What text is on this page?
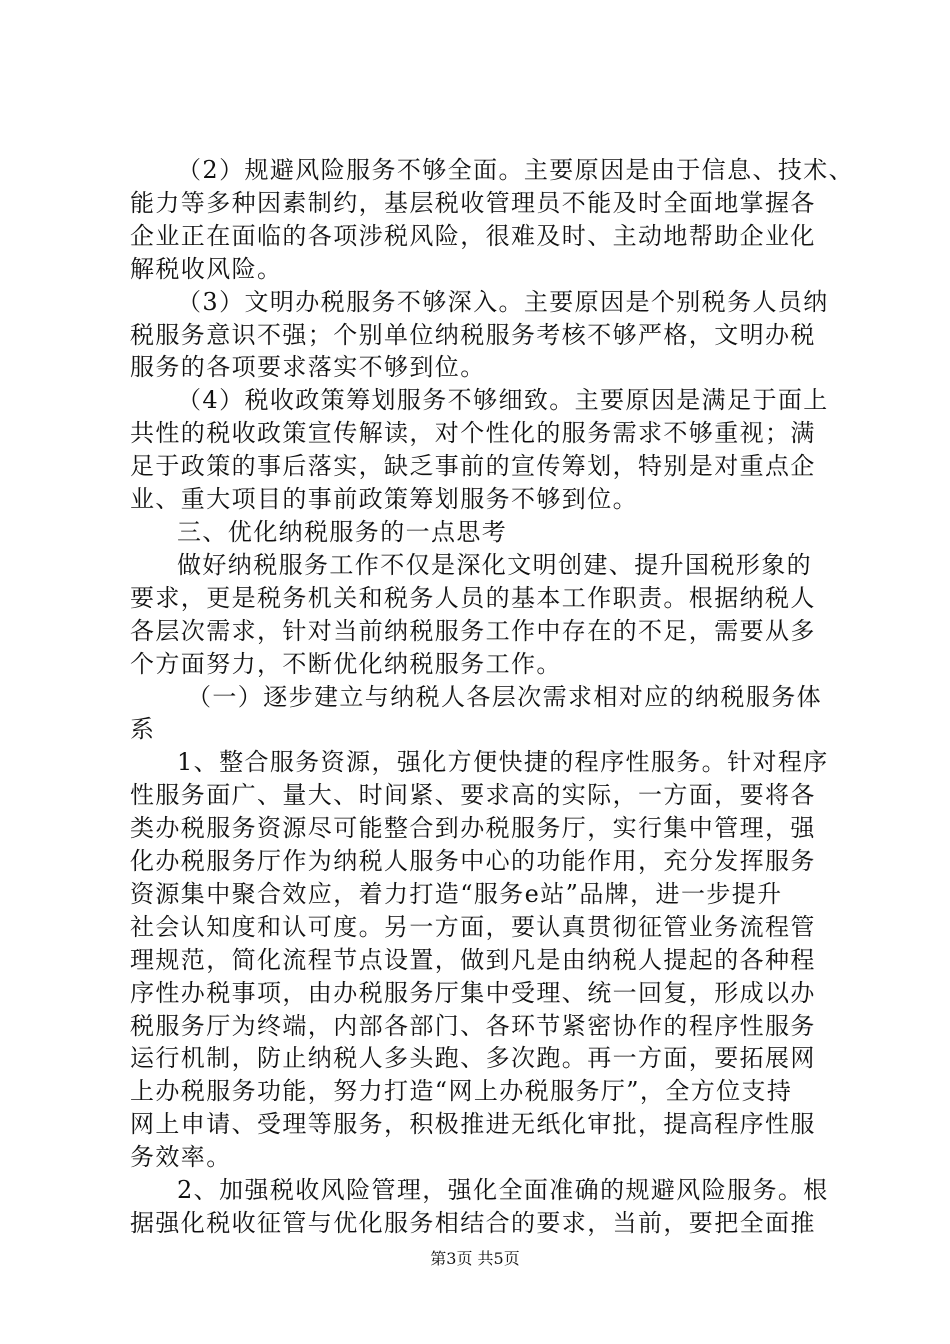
（2）规避风险服务不够全面。主要原因是由于信息、技术、
能力等多种因素制约，基层税收管理员不能及时全面地掌握各
企业正在面临的各项涉税风险，很难及时、主动地帮助企业化
解税收风险。
（3）文明办税服务不够深入。主要原因是个别税务人员纳
税服务意识不强；个别单位纳税服务考核不够严格，文明办税
服务的各项要求落实不够到位。
（4）税收政策筹划服务不够细致。主要原因是满足于面上
共性的税收政策宣传解读，对个性化的服务需求不够重视；满
足于政策的事后落实，缺乏事前的宣传筹划，特别是对重点企
业、重大项目的事前政策筹划服务不够到位。
三、优化纳税服务的一点思考
做好纳税服务工作不仅是深化文明创建、提升国税形象的
要求，更是税务机关和税务人员的基本工作职责。根据纳税人
各层次需求，针对当前纳税服务工作中存在的不足，需要从多
个方面努力，不断优化纳税服务工作。
（一）逐步建立与纳税人各层次需求相对应的纳税服务体
系
1、整合服务资源，强化方便快捷的程序性服务。针对程序
性服务面广、量大、时间紧、要求高的实际，一方面，要将各
类办税服务资源尽可能整合到办税服务厅，实行集中管理，强
化办税服务厅作为纳税人服务中心的功能作用，充分发挥服务
资源集中聚合效应，着力打造“服务e站”品牌，进一步提升
社会认知度和认可度。另一方面，要认真贯彻征管业务流程管
理规范，简化流程节点设置，做到凡是由纳税人提起的各种程
序性办税事项，由办税服务厅集中受理、统一回复，形成以办
税服务厅为终端，内部各部门、各环节紧密协作的程序性服务
运行机制，防止纳税人多头跑、多次跑。再一方面，要拓展网
上办税服务功能，努力打造“网上办税服务厅”，全方位支持
网上申请、受理等服务，积极推进无纸化审批，提高程序性服
务效率。
2、加强税收风险管理，强化全面准确的规避风险服务。根
据强化税收征管与优化服务相结合的要求，当前，要把全面推
第3页 共5页
